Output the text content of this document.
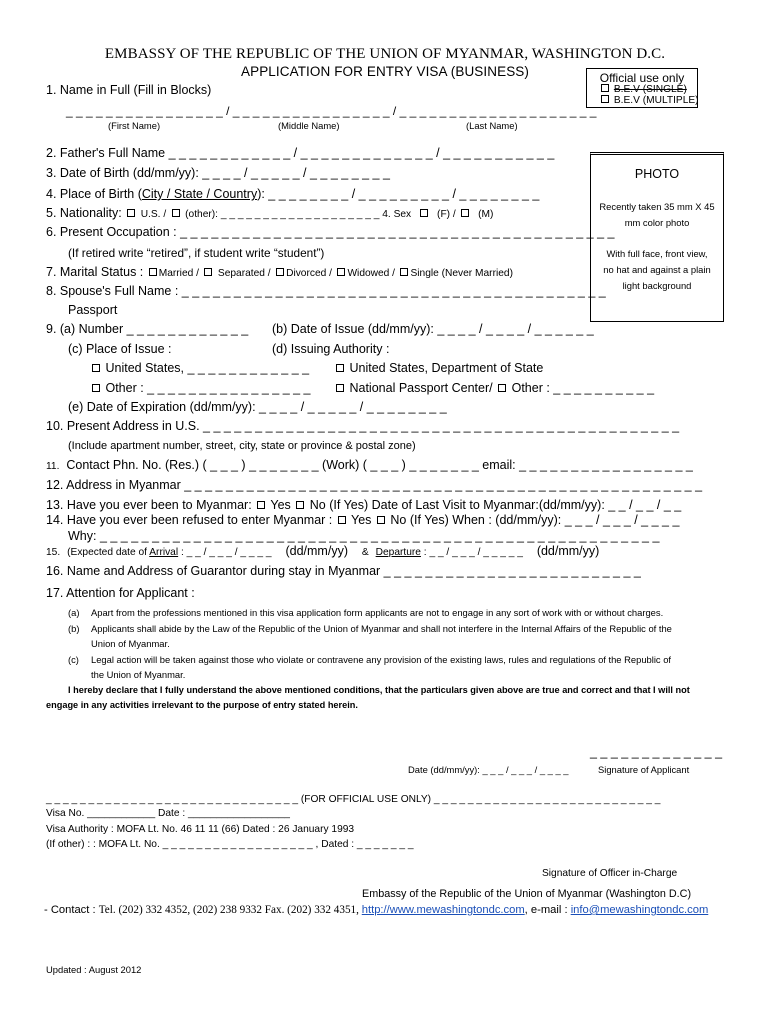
EMBASSY OF THE REPUBLIC OF THE UNION OF MYANMAR, WASHINGTON D.C.
APPLICATION FOR ENTRY VISA (BUSINESS)	Official use only
B.E.V (SINGLE)
B.E.V (MULTIPLE)
PHOTO
Recently taken 35 mm X 45
mm color photo
With full face, front view,
no hat and against a plain
light background
1. Name in Full (Fill in Blocks)
_ _ _ _ _ _ _ _ _ _ _ _ _ _ _ _ / _ _ _ _ _ _ _ _ _ _ _ _ _ _ _ _ / _ _ _ _ _ _ _ _ _ _ _ _ _ _ _ _ _ _ _ _
(First Name)	(Middle Name)	(Last Name)
2. Father's Full Name _ _ _ _ _ _ _ _ _ _ _ _ / _ _ _ _ _ _ _ _ _ _ _ _ _ / _ _ _ _ _ _ _ _ _ _ _
3. Date of Birth (dd/mm/yy): _ _ _ _ / _ _ _ _ _ / _ _ _ _ _ _ _ _
4. Place of Birth (City / State / Country): _ _ _ _ _ _ _ _ / _ _ _ _ _ _ _ _ _ / _ _ _ _ _ _ _ _
5. Nationality: U.S. / (other): _ _ _ _ _ _ _ _ _ _ _ _ _ _ _ _ _ _ _ 4. Sex	(F) / (M)
6. Present Occupation : _ _ _ _ _ _ _ _ _ _ _ _ _ _ _ _ _ _ _ _ _ _ _ _ _ _ _ _ _ _ _ _ _ _ _ _ _ _ _ _ _ _
(If retired write “retired”, if student write “student”)
7. Marital Status : Married / Separated / Divorced / Widowed / Single (Never Married)
8. Spouse's Full Name : _ _ _ _ _ _ _ _ _ _ _ _ _ _ _ _ _ _ _ _ _ _ _ _ _ _ _ _ _ _ _ _ _ _ _ _ _ _ _ _ _
Passport
9. (a) Number _ _ _ _ _ _ _ _ _ _ _ _ (b) Date of Issue (dd/mm/yy): _ _ _ _ / _ _ _ _ / _ _ _ _ _ _
(c) Place of Issue :	(d) Issuing Authority :
United States, _ _ _ _ _ _ _ _ _ _ _ _	United States, Department of State
Other : _ _ _ _ _ _ _ _ _ _ _ _ _ _ _ _	National Passport Center/ Other : _ _ _ _ _ _ _ _ _ _
(e) Date of Expiration (dd/mm/yy): _ _ _ _ / _ _ _ _ _ / _ _ _ _ _ _ _ _
10. Present Address in U.S. _ _ _ _ _ _ _ _ _ _ _ _ _ _ _ _ _ _ _ _ _ _ _ _ _ _ _ _ _ _ _ _ _ _ _ _ _ _ _ _ _ _ _ _ _ _
(Include apartment number, street, city, state or province & postal zone)
11. Contact Phn. No. (Res.) ( _ _ _ ) _ _ _ _ _ _ _ (Work) ( _ _ _ ) _ _ _ _ _ _ _ email: _ _ _ _ _ _ _ _ _ _ _ _ _ _ _ _ _
12. Address in Myanmar _ _ _ _ _ _ _ _ _ _ _ _ _ _ _ _ _ _ _ _ _ _ _ _ _ _ _ _ _ _ _ _ _ _ _ _ _ _ _ _ _ _ _ _ _ _ _ _ _ _
13. Have you ever been to Myanmar: Yes No (If Yes) Date of Last Visit to Myanmar:(dd/mm/yy): _ _ / _ _ / _ _
14. Have you ever been refused to enter Myanmar : Yes No (If Yes) When : (dd/mm/yy): _ _ _ / _ _ _ / _ _ _ _
Why: _ _ _ _ _ _ _ _ _ _ _ _ _ _ _ _ _ _ _ _ _ _ _ _ _ _ _ _ _ _ _ _ _ _ _ _ _ _ _ _ _ _ _ _ _ _ _ _ _ _ _ _ _ _
15. (Expected date of Arrival : _ _ / _ _ _ / _ _ _ _ (dd/mm/yy) & Departure : _ _ / _ _ _ / _ _ _ _ _ (dd/mm/yy)
16. Name and Address of Guarantor during stay in Myanmar _ _ _ _ _ _ _ _ _ _ _ _ _ _ _ _ _ _ _ _ _ _ _ _ _
17. Attention for Applicant :
(a) Apart from the professions mentioned in this visa application form applicants are not to engage in any sort of work with or without charges.
(b) Applicants shall abide by the Law of the Republic of the Union of Myanmar and shall not interfere in the Internal Affairs of the Republic of the
Union of Myanmar.
(c) Legal action will be taken against those who violate or contravene any provision of the existing laws, rules and regulations of the Republic of
the Union of Myanmar.
I hereby declare that I fully understand the above mentioned conditions, that the particulars given above are true and correct and that I will not
engage in any activities irrelevant to the purpose of entry stated herein.
_ _ _ _ _ _ _ _ _ _ _ _ _
Date (dd/mm/yy): _ _ _ / _ _ _ / _ _ _ _	Signature of Applicant
_ _ _ _ _ _ _ _ _ _ _ _ _ _ _ _ _ _ _ _ _ _ _ _ _ _ _ _ _ _ (FOR OFFICIAL USE ONLY) _ _ _ _ _ _ _ _ _ _ _ _ _ _ _ _ _ _ _ _ _ _ _ _ _ _ _
Visa No. ____________ Date : __________________
Visa Authority : MOFA Lt. No. 46 11 11 (66) Dated : 26 January 1993
(If other) : : MOFA Lt. No. _ _ _ _ _ _ _ _ _ _ _ _ _ _ _ _ _ _ , Dated : _ _ _ _ _ _ _
Signature of Officer in-Charge
Embassy of the Republic of the Union of Myanmar (Washington D.C)
- Contact : Tel. (202) 332 4352, (202) 238 9332 Fax. (202) 332 4351, http://www.mewashingtondc.com, e-mail : info@mewashingtondc.com
Updated : August 2012
